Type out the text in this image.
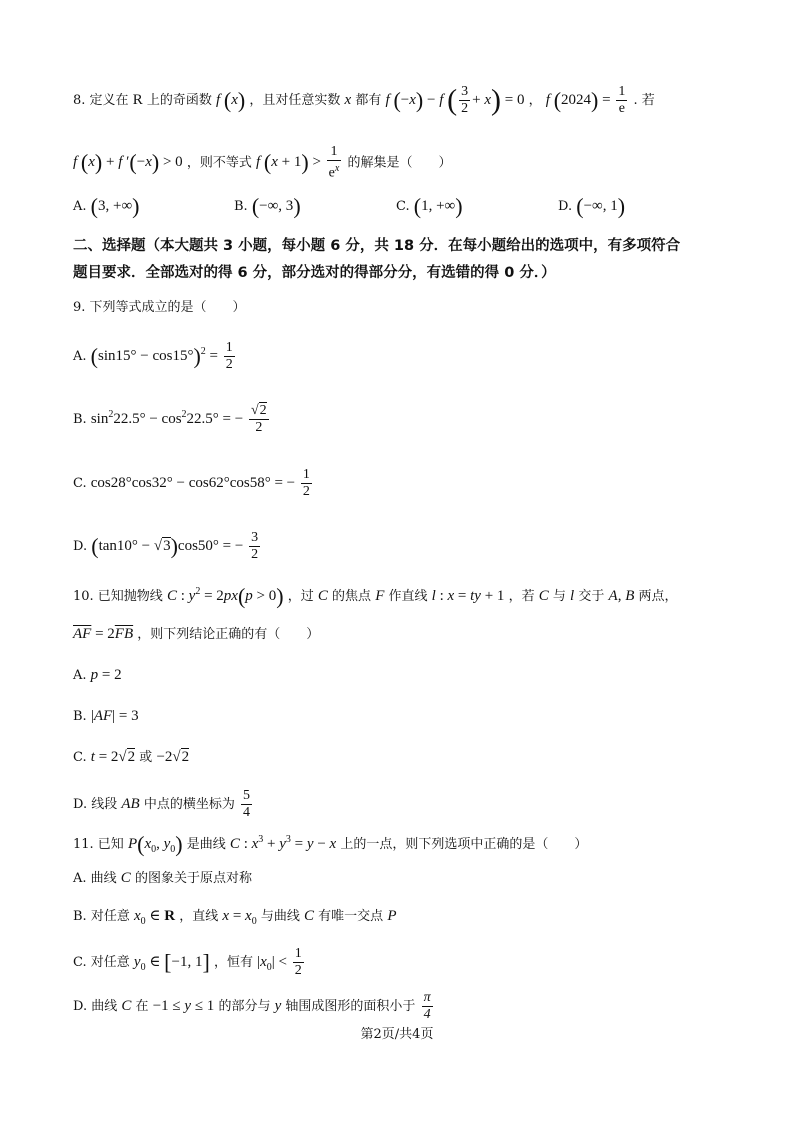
8. 定义在 R 上的奇函数 f (x) ，且对任意实数 x 都有 f (−x) − f ( $\frac{3}{2} + x) = 0$ ， f $(2024) = \frac{1}{e}$ . 若
f (x) + f ′(−x) > 0 ，则不等式 f $(x + 1) > \frac{1}{e^x}$ 的解集是（　　）
A. (3, +∞)	B. (−∞, 3)	C. (1, +∞)	D. (−∞, 1)
二、选择题（本大题共 3 小题，每小题 6 分，共 18 分．在每小题给出的选项中，有多项符合
题目要求．全部选对的得 6 分，部分选对的得部分分，有选错的得 0 分．）
9. 下列等式成立的是（　　）
A. $(\sin 15^\circ - \cos 15^\circ)^2 = \frac{1}{2}$
B. $\sin^222.5^\circ - \cos^222.5^\circ$ = − $\frac{√2}{2}$
C. cos28°cos32° − cos62°cos58° = − $\frac{1}{2}$
D. (tan10° − √3)cos50° = − $\frac{3}{2}$
10. 已知抛物线 C : $y^2 = 2px(p > 0)$ ，过 C 的焦点 F 作直线 l : x = ty + 1 ，若 C 与 l 交于 A, B 两点，
$\overline{AF} = 2\overline{FB}$ ，则下列结论正确的有（　　）
A. p = 2
B. |AF| = 3
C. t = 2√2 或 −2√2
D. 线段 AB 中点的横坐标为 $\frac{5}{4}$
11. 已知 $P(x_0$, $y_0$) 是曲线 C : $x^3 + y^3 = y - x$ 上的一点，则下列选项中正确的是（　　）
A. 曲线 C 的图象关于原点对称
B. 对任意 $x_0$ ∈ R ，直线 $x = x_0$ 与曲线 C 有唯一交点 P
C. 对任意 $y_0$ ∈ [−1, 1] ，恒有 $|x_0| < \frac{1}{2}$
D. 曲线 C 在 −1 ≤ y ≤ 1 的部分与 y 轴围成图形的面积小于 $\frac{\pi}{4}$
第2页/共4页
